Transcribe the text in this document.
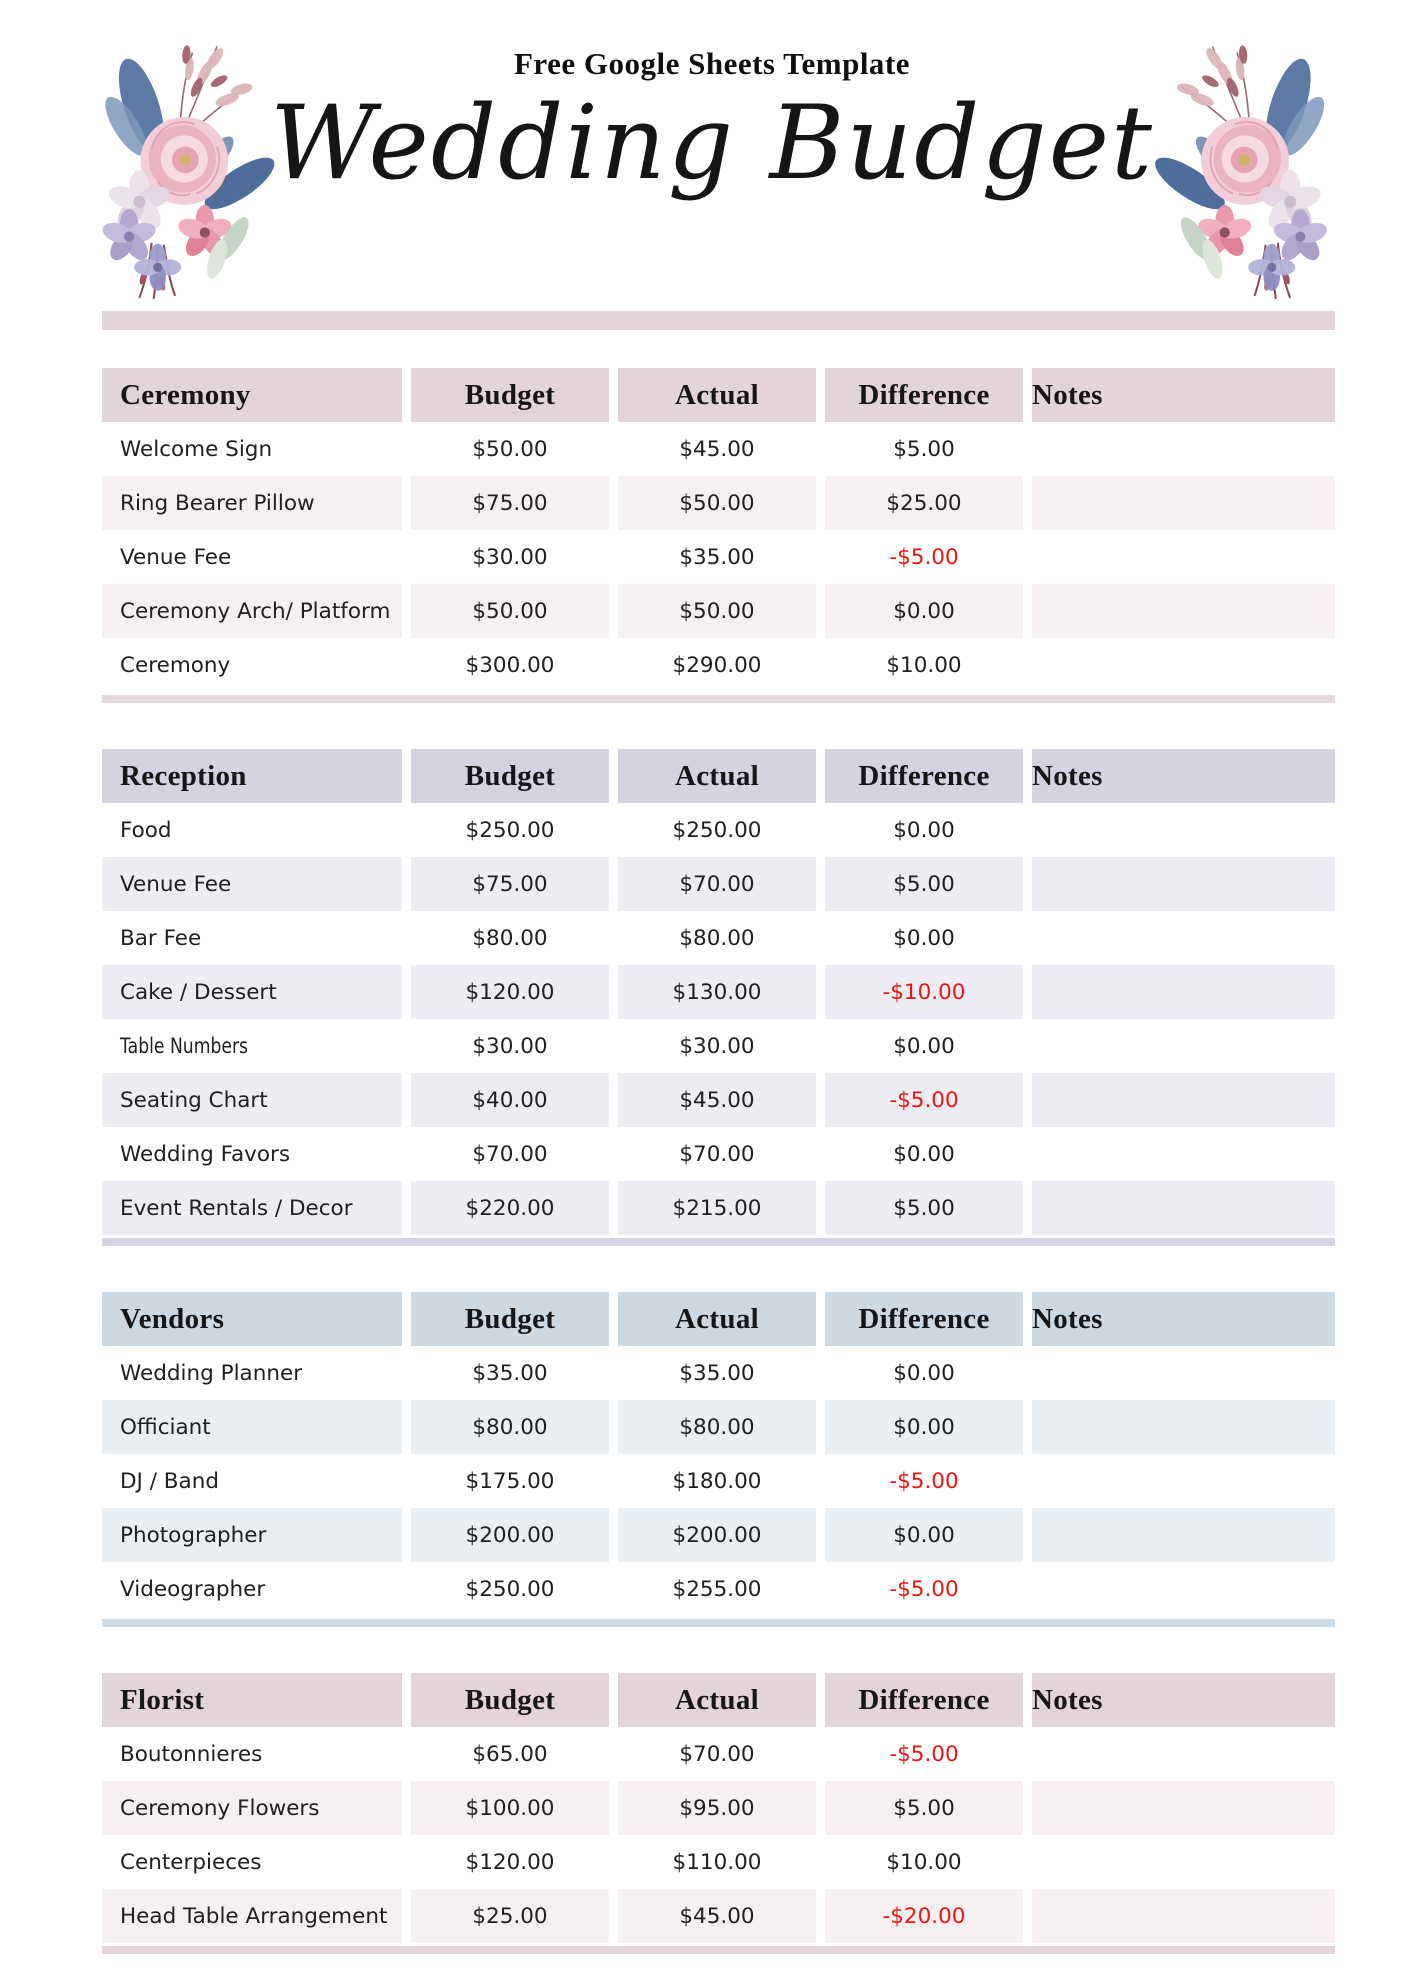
Free Google Sheets Template
Wedding Budget
Ceremony	Budget	Actual	Difference Notes
Welcome Sign	$50.00	$45.00	$5.00
Ring Bearer Pillow	$75.00	$50.00	$25.00
Venue Fee	$30.00	$35.00	-$5.00
Ceremony Arch/ Platform	$50.00	$50.00	$0.00
Ceremony	$300.00	$290.00	$10.00
Reception	Budget	Actual	Difference Notes
Food	$250.00	$250.00	$0.00
Venue Fee	$75.00	$70.00	$5.00
Bar Fee	$80.00	$80.00	$0.00
Cake / Dessert	$120.00	$130.00	-$10.00
Table Numbers	$30.00	$30.00	$0.00
Seating Chart	$40.00	$45.00	-$5.00
Wedding Favors	$70.00	$70.00	$0.00
Event Rentals / Decor	$220.00	$215.00	$5.00
Vendors	Budget	Actual	Difference Notes
Wedding Planner	$35.00	$35.00	$0.00
Officiant	$80.00	$80.00	$0.00
DJ / Band	$175.00	$180.00	-$5.00
Photographer	$200.00	$200.00	$0.00
Videographer	$250.00	$255.00	-$5.00
Florist	Budget	Actual	Difference Notes
Boutonnieres	$65.00	$70.00	-$5.00
Ceremony Flowers	$100.00	$95.00	$5.00
Centerpieces	$120.00	$110.00	$10.00
Head Table Arrangement	$25.00	$45.00	-$20.00
